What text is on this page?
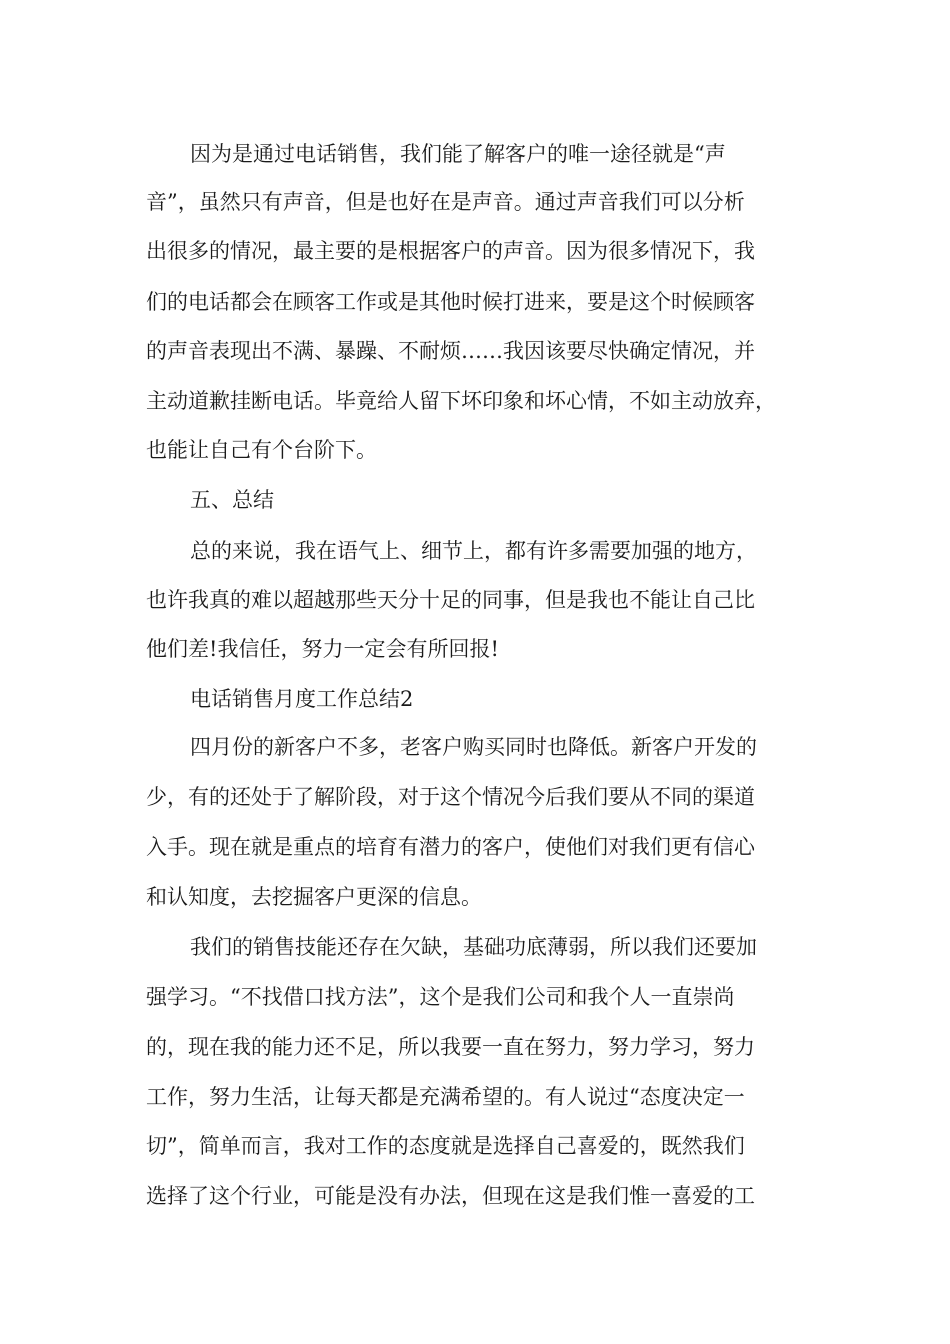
因为是通过电话销售，我们能了解客户的唯一途径就是“声

音”，虽然只有声音，但是也好在是声音。通过声音我们可以分析

出很多的情况，最主要的是根据客户的声音。因为很多情况下，我

们的电话都会在顾客工作或是其他时候打进来，要是这个时候顾客

的声音表现出不满、暴躁、不耐烦……我因该要尽快确定情况，并

主动道歉挂断电话。毕竟给人留下坏印象和坏心情，不如主动放弃，

也能让自己有个台阶下。

五、总结

总的来说，我在语气上、细节上，都有许多需要加强的地方，

也许我真的难以超越那些天分十足的同事，但是我也不能让自己比

他们差!我信任，努力一定会有所回报!

电话销售月度工作总结2

四月份的新客户不多，老客户购买同时也降低。新客户开发的

少，有的还处于了解阶段，对于这个情况今后我们要从不同的渠道

入手。现在就是重点的培育有潜力的客户，使他们对我们更有信心

和认知度，去挖掘客户更深的信息。

我们的销售技能还存在欠缺，基础功底薄弱，所以我们还要加

强学习。“不找借口找方法”，这个是我们公司和我个人一直崇尚

的，现在我的能力还不足，所以我要一直在努力，努力学习，努力

工作，努力生活，让每天都是充满希望的。有人说过“态度决定一

切”，简单而言，我对工作的态度就是选择自己喜爱的，既然我们

选择了这个行业，可能是没有办法，但现在这是我们惟一喜爱的工
